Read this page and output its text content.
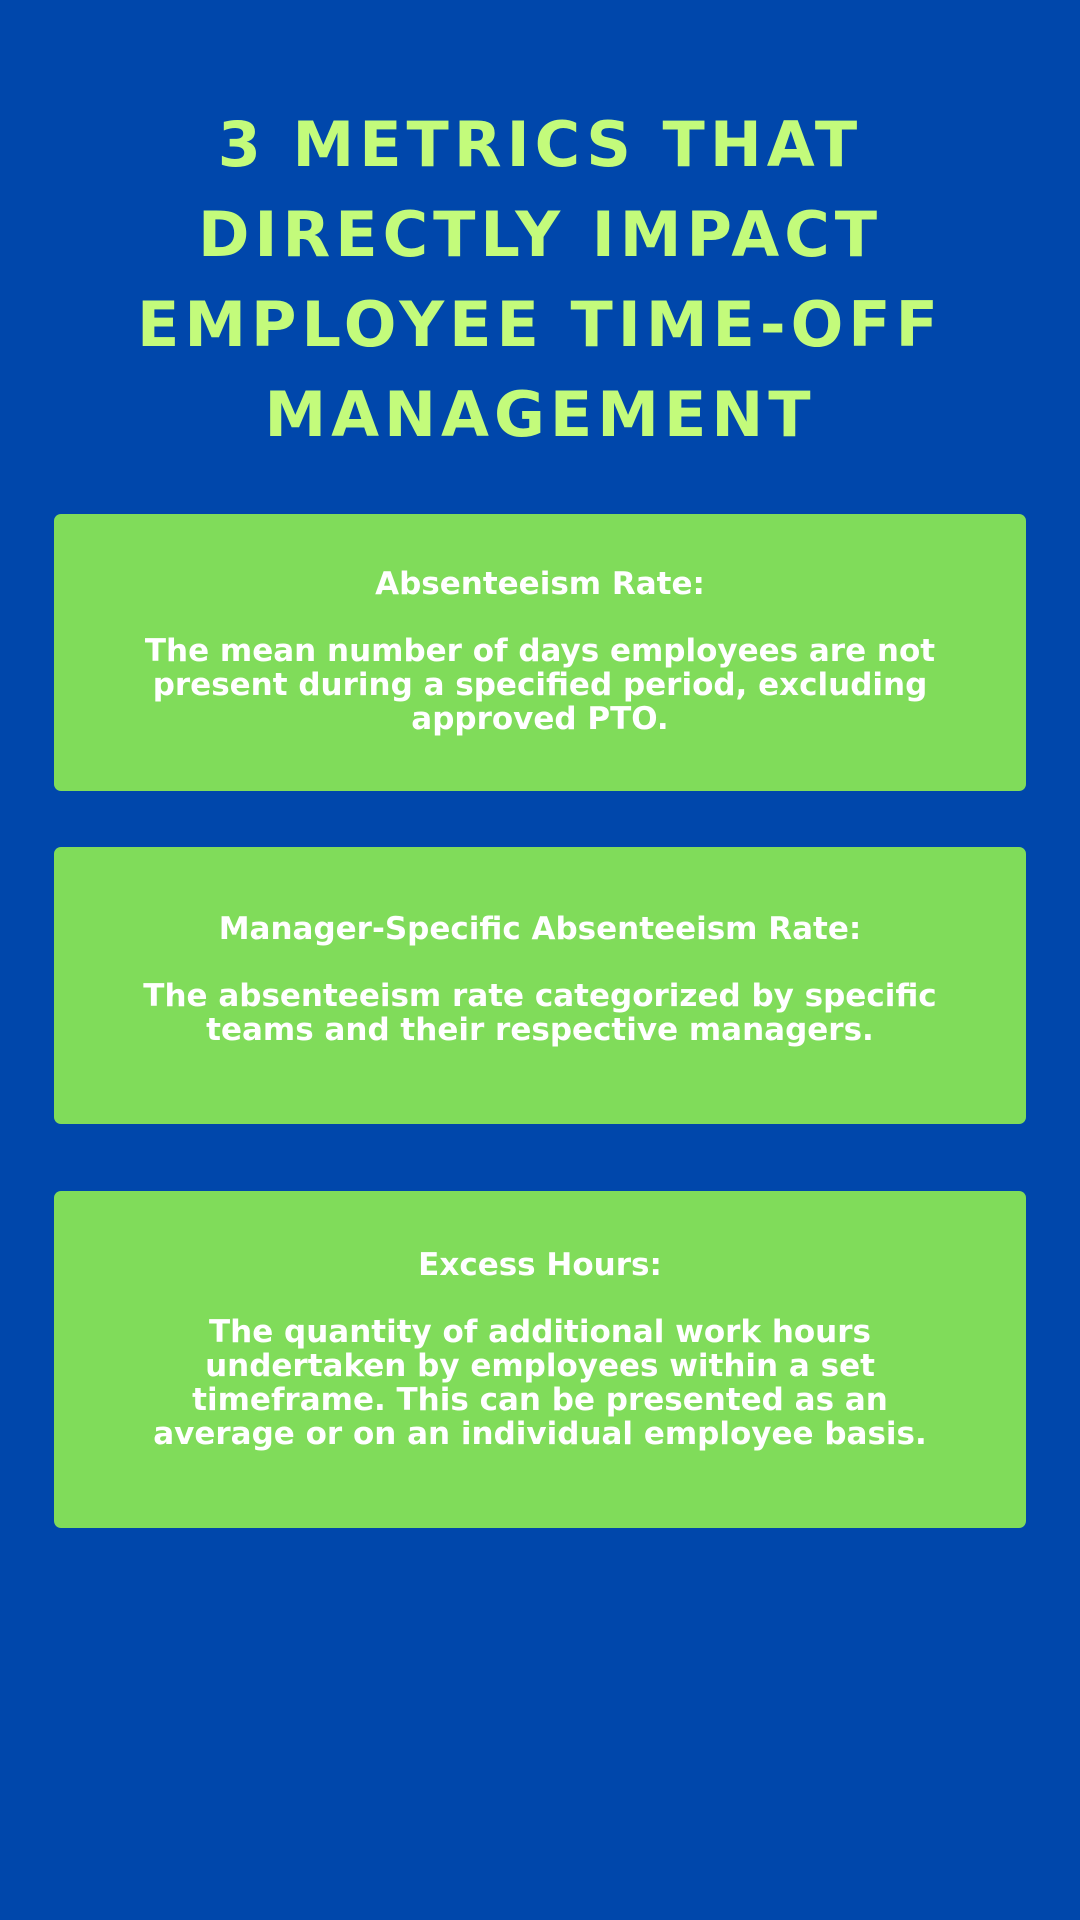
3 METRICS THAT
DIRECTLY IMPACT
EMPLOYEE TIME-OFF
MANAGEMENT
Absenteeism Rate:

The mean number of days employees are not
present during a specified period, excluding
approved PTO.

Manager-Specific Absenteeism Rate:

The absenteeism rate categorized by specific
teams and their respective managers.

Excess Hours:

The quantity of additional work hours
undertaken by employees within a set
timeframe. This can be presented as an
average or on an individual employee basis.
